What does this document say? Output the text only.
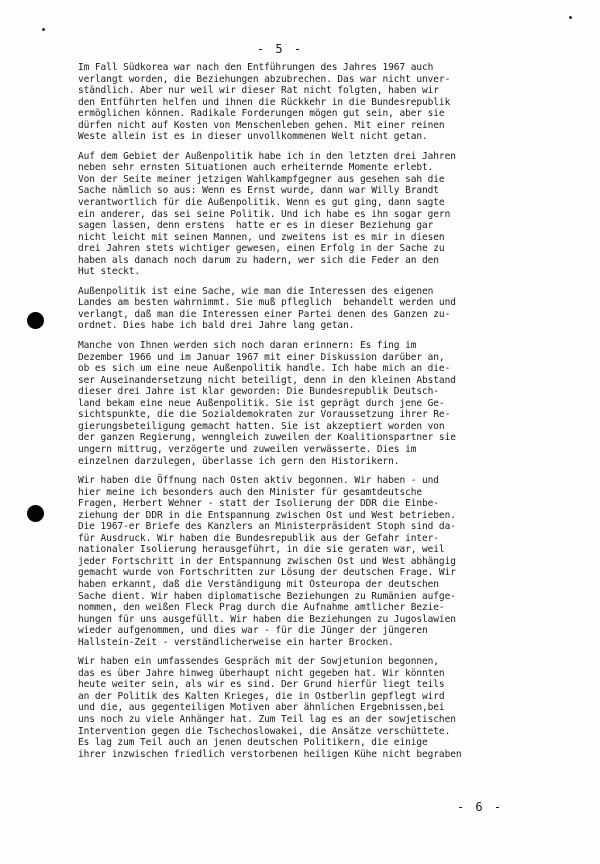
- 5 -
Im Fall Südkorea war nach den Entführungen des Jahres 1967 auch
verlangt worden, die Beziehungen abzubrechen. Das war nicht unver-
ständlich. Aber nur weil wir dieser Rat nicht folgten, haben wir
den Entführten helfen und ihnen die Rückkehr in die Bundesrepublik
ermöglichen können. Radikale Forderungen mögen gut sein, aber sie
dürfen nicht auf Kosten von Menschenleben gehen. Mit einer reinen
Weste allein ist es in dieser unvollkommenen Welt nicht getan.
Auf dem Gebiet der Außenpolitik habe ich in den letzten drei Jahren
neben sehr ernsten Situationen auch erheiternde Momente erlebt.
Von der Seite meiner jetzigen Wahlkampfgegner aus gesehen sah die
Sache nämlich so aus: Wenn es Ernst wurde, dann war Willy Brandt
verantwortlich für die Außenpolitik. Wenn es gut ging, dann sagte
ein anderer, das sei seine Politik. Und ich habe es ihn sogar gern
sagen lassen, denn erstens  hatte er es in dieser Beziehung gar
nicht leicht mit seinen Mannen, und zweitens ist es mir in diesen
drei Jahren stets wichtiger gewesen, einen Erfolg in der Sache zu
haben als danach noch darum zu hadern, wer sich die Feder an den
Hut steckt.
Außenpolitik ist eine Sache, wie man die Interessen des eigenen
Landes am besten wahrnimmt. Sie muß pfleglich  behandelt werden und
verlangt, daß man die Interessen einer Partei denen des Ganzen zu-
ordnet. Dies habe ich bald drei Jahre lang getan.
Manche von Ihnen werden sich noch daran erinnern: Es fing im
Dezember 1966 und im Januar 1967 mit einer Diskussion darüber an,
ob es sich um eine neue Außenpolitik handle. Ich habe mich an die-
ser Auseinandersetzung nicht beteiligt, denn in den kleinen Abstand
dieser drei Jahre ist klar geworden: Die Bundesrepublik Deutsch-
land bekam eine neue Außenpolitik. Sie ist geprägt durch jene Ge-
sichtspunkte, die die Sozialdemokraten zur Voraussetzung ihrer Re-
gierungsbeteiligung gemacht hatten. Sie ist akzeptiert worden von
der ganzen Regierung, wenngleich zuweilen der Koalitionspartner sie
ungern mittrug, verzögerte und zuweilen verwässerte. Dies im
einzelnen darzulegen, überlasse ich gern den Historikern.
Wir haben die Öffnung nach Osten aktiv begonnen. Wir haben - und
hier meine ich besonders auch den Minister für gesamtdeutsche
Fragen, Herbert Wehner - statt der Isolierung der DDR die Einbe-
ziehung der DDR in die Entspannung zwischen Ost und West betrieben.
Die 1967-er Briefe des Kanzlers an Ministerpräsident Stoph sind da-
für Ausdruck. Wir haben die Bundesrepublik aus der Gefahr inter-
nationaler Isolierung herausgeführt, in die sie geraten war, weil
jeder Fortschritt in der Entspannung zwischen Ost und West abhängig
gemacht wurde von Fortschritten zur Lösung der deutschen Frage. Wir
haben erkannt, daß die Verständigung mit Osteuropa der deutschen
Sache dient. Wir haben diplomatische Beziehungen zu Rumänien aufge-
nommen, den weißen Fleck Prag durch die Aufnahme amtlicher Bezie-
hungen für uns ausgefüllt. Wir haben die Beziehungen zu Jugoslawien
wieder aufgenommen, und dies war - für die Jünger der jüngeren
Hallstein-Zeit - verständlicherweise ein harter Brocken.
Wir haben ein umfassendes Gespräch mit der Sowjetunion begonnen,
das es über Jahre hinweg überhaupt nicht gegeben hat. Wir könnten
heute weiter sein, als wir es sind. Der Grund hierfür liegt teils
an der Politik des Kalten Krieges, die in Ostberlin gepflegt wird
und die, aus gegenteiligen Motiven aber ähnlichen Ergebnissen,bei
uns noch zu viele Anhänger hat. Zum Teil lag es an der sowjetischen
Intervention gegen die Tschechoslowakei, die Ansätze verschüttete.
Es lag zum Teil auch an jenen deutschen Politikern, die einige
ihrer inzwischen friedlich verstorbenen heiligen Kühe nicht begraben
- 6 -
